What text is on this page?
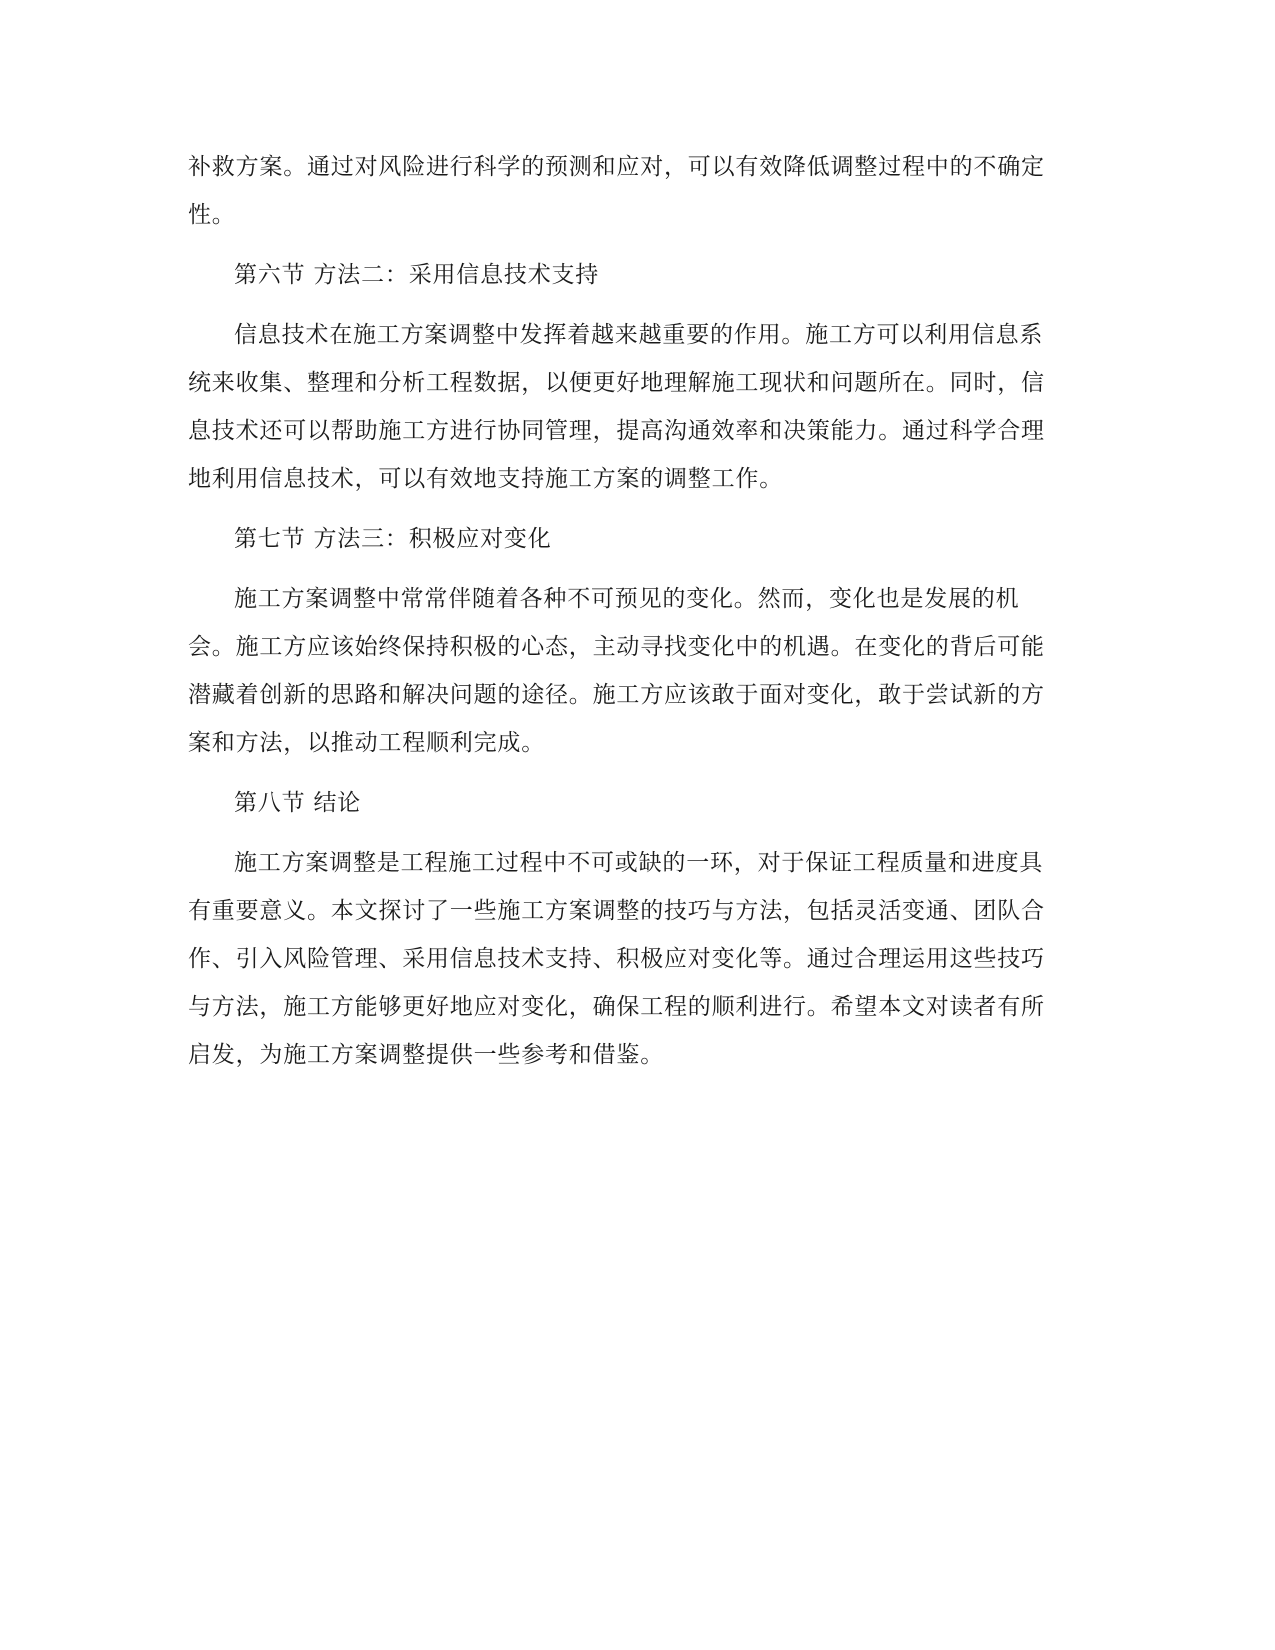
补救方案。通过对风险进行科学的预测和应对，可以有效降低调整过程中的不确定
性。
第六节 方法二：采用信息技术支持
信息技术在施工方案调整中发挥着越来越重要的作用。施工方可以利用信息系
统来收集、整理和分析工程数据，以便更好地理解施工现状和问题所在。同时，信
息技术还可以帮助施工方进行协同管理，提高沟通效率和决策能力。通过科学合理
地利用信息技术，可以有效地支持施工方案的调整工作。
第七节 方法三：积极应对变化
施工方案调整中常常伴随着各种不可预见的变化。然而，变化也是发展的机
会。施工方应该始终保持积极的心态，主动寻找变化中的机遇。在变化的背后可能
潜藏着创新的思路和解决问题的途径。施工方应该敢于面对变化，敢于尝试新的方
案和方法，以推动工程顺利完成。
第八节 结论
施工方案调整是工程施工过程中不可或缺的一环，对于保证工程质量和进度具
有重要意义。本文探讨了一些施工方案调整的技巧与方法，包括灵活变通、团队合
作、引入风险管理、采用信息技术支持、积极应对变化等。通过合理运用这些技巧
与方法，施工方能够更好地应对变化，确保工程的顺利进行。希望本文对读者有所
启发，为施工方案调整提供一些参考和借鉴。
